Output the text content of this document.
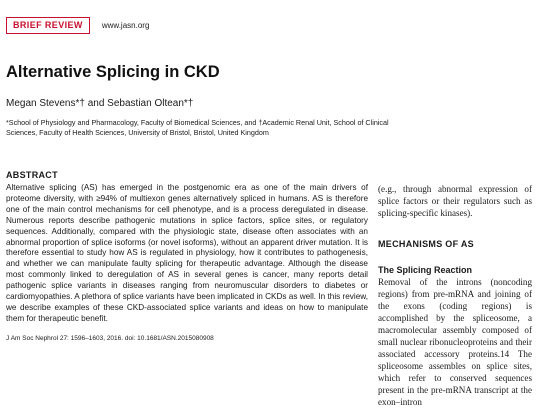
BRIEF REVIEW	www.jasn.org
Alternative Splicing in CKD
Megan Stevens*† and Sebastian Oltean*†
*School of Physiology and Pharmacology, Faculty of Biomedical Sciences, and †Academic Renal Unit, School of Clinical Sciences, Faculty of Health Sciences, University of Bristol, Bristol, United Kingdom
ABSTRACT
Alternative splicing (AS) has emerged in the postgenomic era as one of the main drivers of proteome diversity, with ≥94% of multiexon genes alternatively spliced in humans. AS is therefore one of the main control mechanisms for cell phenotype, and is a process deregulated in disease. Numerous reports describe pathogenic mutations in splice factors, splice sites, or regulatory sequences. Additionally, compared with the physiologic state, disease often associates with an abnormal proportion of splice isoforms (or novel isoforms), without an apparent driver mutation. It is therefore essential to study how AS is regulated in physiology, how it contributes to pathogenesis, and whether we can manipulate faulty splicing for therapeutic advantage. Although the disease most commonly linked to deregulation of AS in several genes is cancer, many reports detail pathogenic splice variants in diseases ranging from neuromuscular disorders to diabetes or cardiomyopathies. A plethora of splice variants have been implicated in CKDs as well. In this review, we describe examples of these CKD-associated splice variants and ideas on how to manipulate them for therapeutic benefit.
J Am Soc Nephrol 27: 1596–1603, 2016. doi: 10.1681/ASN.2015080908
(e.g., through abnormal expression of splice factors or their regulators such as splicing-specific kinases).
MECHANISMS OF AS
The Splicing Reaction
Removal of the introns (noncoding regions) from pre-mRNA and joining of the exons (coding regions) is accomplished by the spliceosome, a macromolecular assembly composed of small nuclear ribonucleoproteins and their associated accessory proteins.14 The spliceosome assembles on splice sites, which refer to conserved sequences present in the pre-mRNA transcript at the exon–intron
